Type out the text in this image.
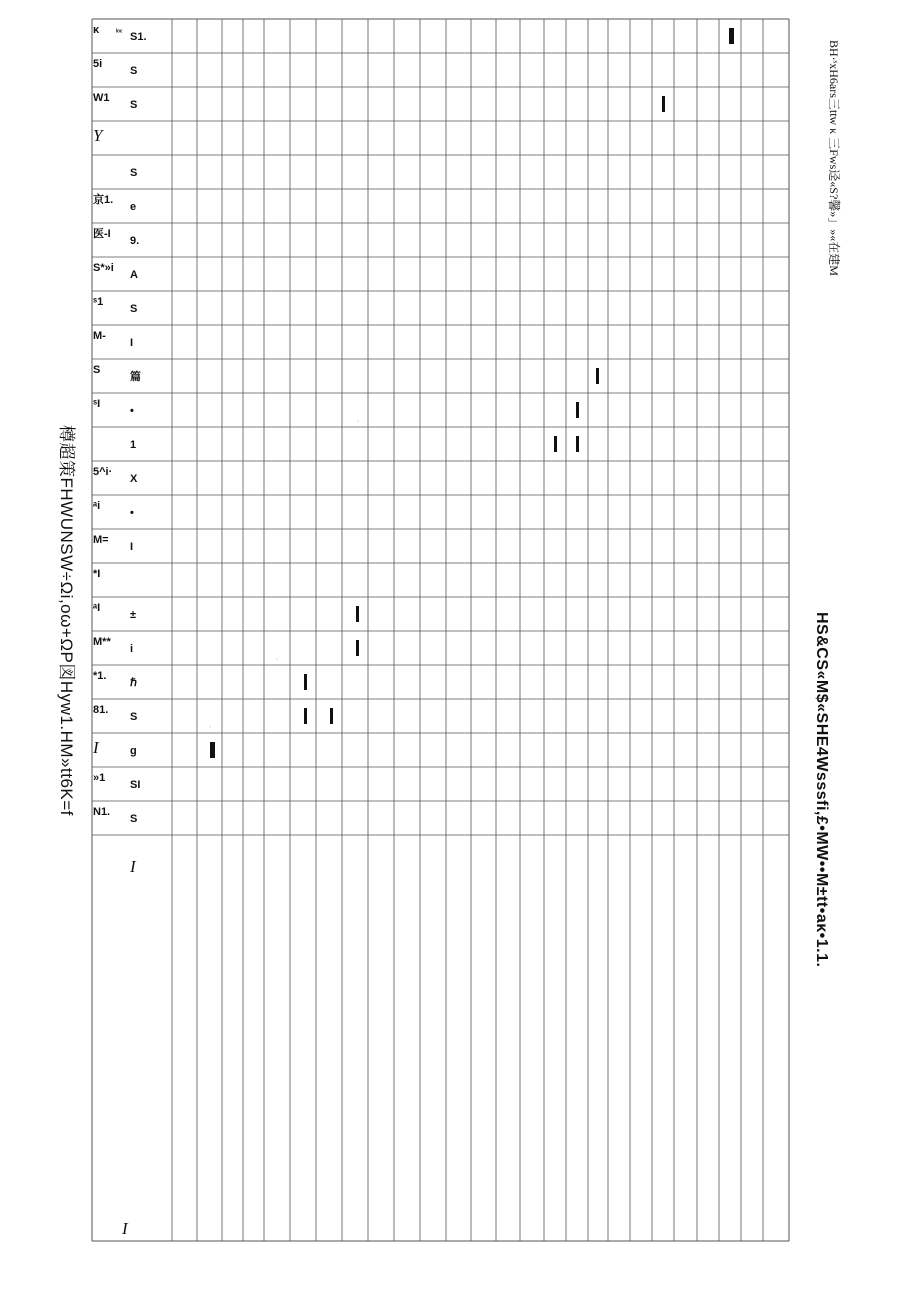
κ ˡᵒᶜ S1.
5i
S
W1
S
Y
S
京1.
e
医-I
9.
S*»i
A
ˢ1
S
M-
I
S
篇
ˢI
•
1
5^i·
X
ᵃi
•
M=
I
*I
ᵃI
±
M**
i
*1.
ℏ
81.
S
I	g
»1
SI
N1.
S
樽超策FHWUNSW÷Ωi,oω+ΩP図Hyw1.HM»tt6K=f
BH·ˢxH6ars三ttw κ 三Fws迳«S?馨»」»«在建M
HS&CS«M$«SHE4Wsssfi,£•MW••M±tt•aκ•1.1.
I
I
ˈ
ˈ
ˈ
